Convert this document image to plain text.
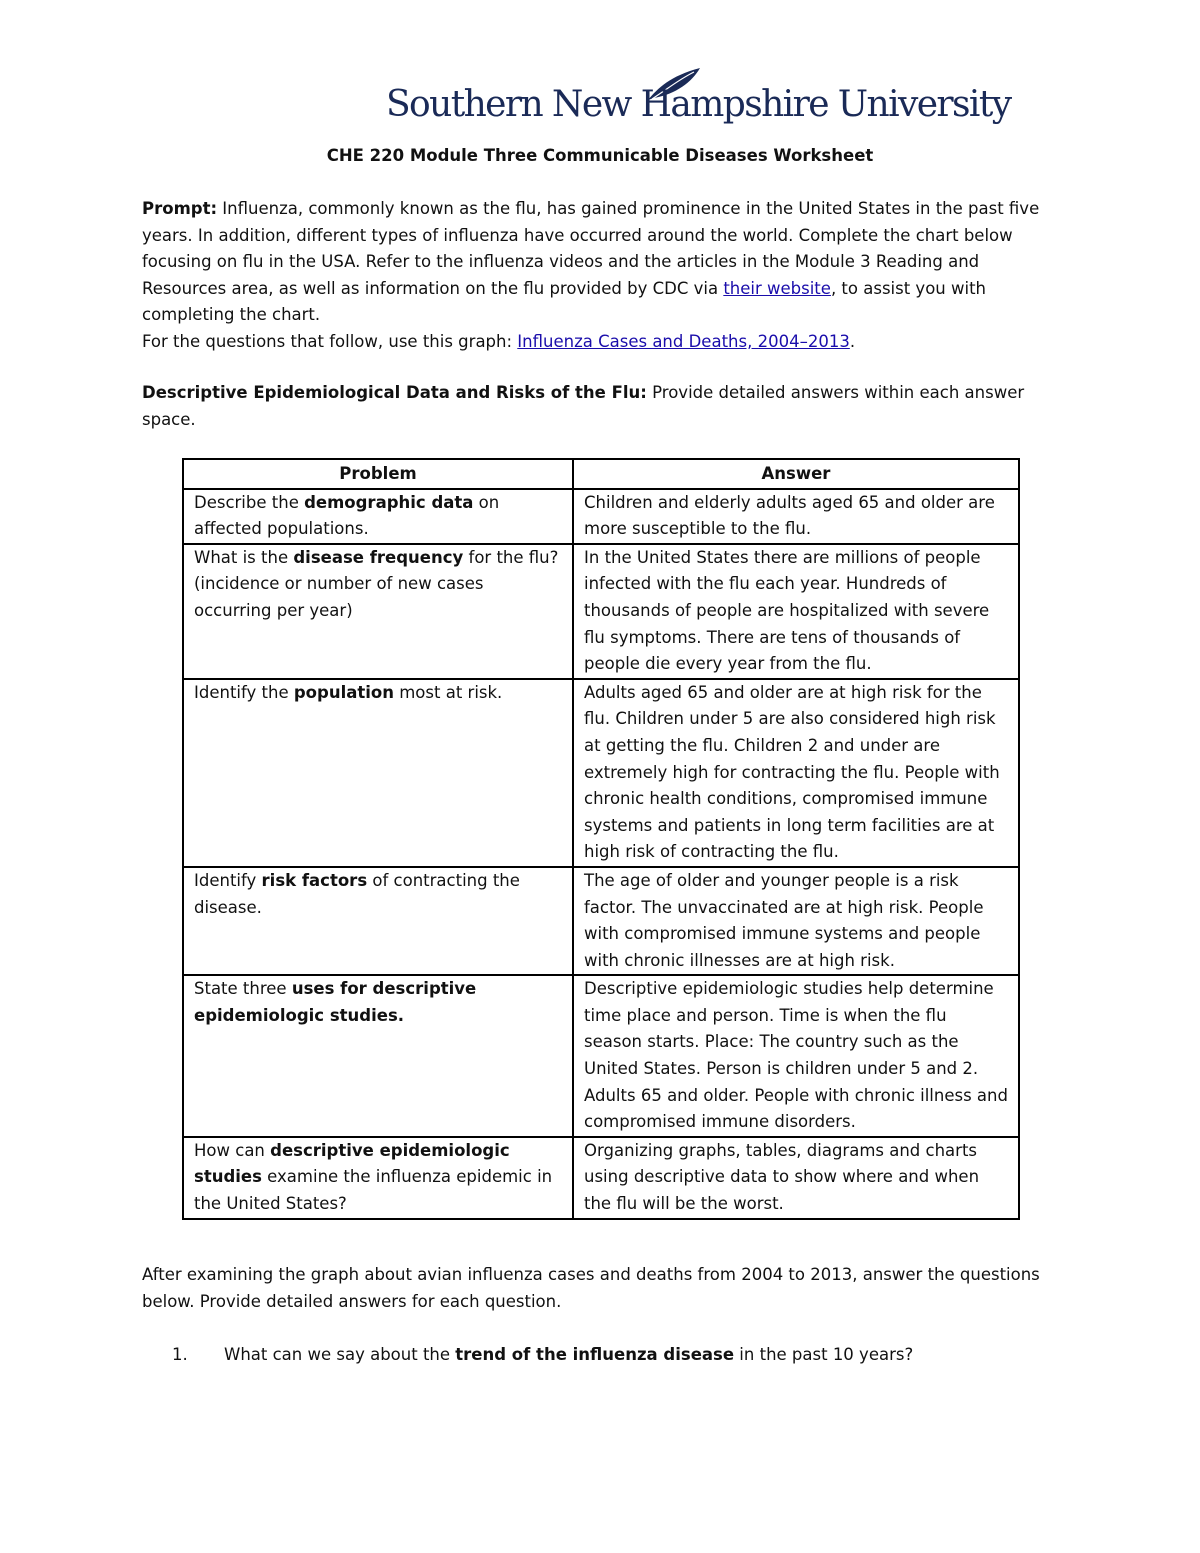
Southern New Hampshire University
CHE 220 Module Three Communicable Diseases Worksheet
Prompt: Influenza, commonly known as the flu, has gained prominence in the United States in the past five years. In addition, different types of influenza have occurred around the world. Complete the chart below focusing on flu in the USA. Refer to the influenza videos and the articles in the Module 3 Reading and Resources area, as well as information on the flu provided by CDC via their website, to assist you with completing the chart.
For the questions that follow, use this graph: Influenza Cases and Deaths, 2004–2013.
Descriptive Epidemiological Data and Risks of the Flu: Provide detailed answers within each answer space.
Problem	Answer
Describe the demographic data on affected populations.	Children and elderly adults aged 65 and older are more susceptible to the flu.
What is the disease frequency for the flu? (incidence or number of new cases occurring per year)	In the United States there are millions of people infected with the flu each year. Hundreds of thousands of people are hospitalized with severe flu symptoms. There are tens of thousands of people die every year from the flu.
Identify the population most at risk.	Adults aged 65 and older are at high risk for the flu. Children under 5 are also considered high risk at getting the flu. Children 2 and under are extremely high for contracting the flu. People with chronic health conditions, compromised immune systems and patients in long term facilities are at high risk of contracting the flu.
Identify risk factors of contracting the disease.	The age of older and younger people is a risk factor. The unvaccinated are at high risk. People with compromised immune systems and people with chronic illnesses are at high risk.
State three uses for descriptive epidemiologic studies.	Descriptive epidemiologic studies help determine time place and person. Time is when the flu season starts. Place: The country such as the United States. Person is children under 5 and 2. Adults 65 and older. People with chronic illness and compromised immune disorders.
How can descriptive epidemiologic studies examine the influenza epidemic in the United States?	Organizing graphs, tables, diagrams and charts using descriptive data to show where and when the flu will be the worst.
After examining the graph about avian influenza cases and deaths from 2004 to 2013, answer the questions below. Provide detailed answers for each question.
1. What can we say about the trend of the influenza disease in the past 10 years?
